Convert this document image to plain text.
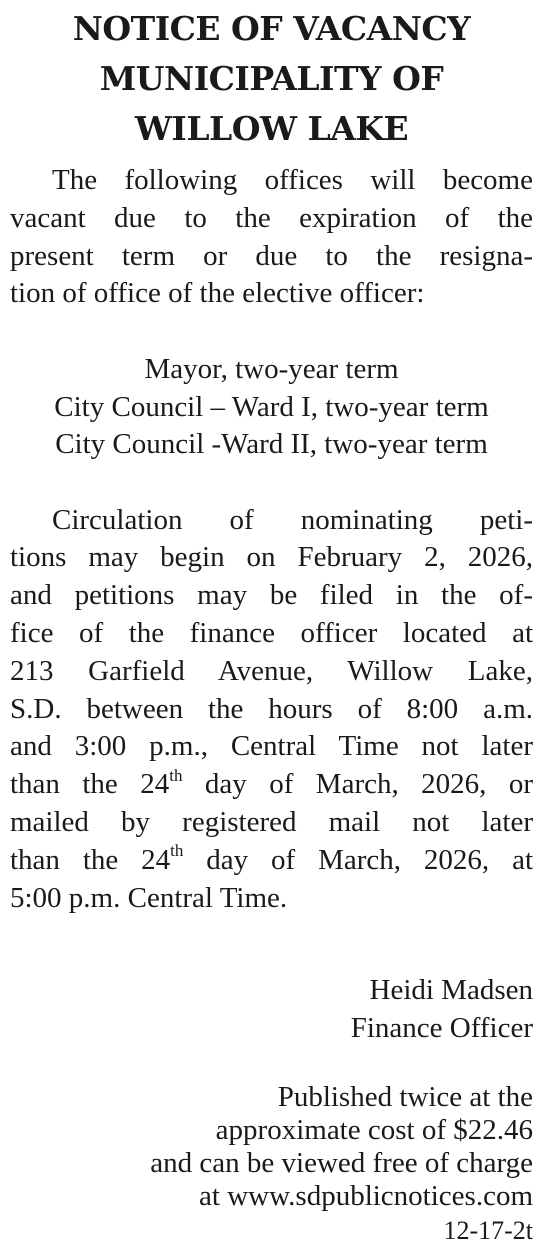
NOTICE OF VACANCY
MUNICIPALITY OF
WILLOW LAKE

The following offices will become
vacant due to the expiration of the
present term or due to the resigna-
tion of office of the elective officer:

Mayor, two-year term
City Council – Ward I, two-year term
City Council -Ward II, two-year term

Circulation of nominating peti-
tions may begin on February 2, 2026,
and petitions may be filed in the of-
fice of the finance officer located at
213 Garfield Avenue, Willow Lake,
S.D. between the hours of 8:00 a.m.
and 3:00 p.m., Central Time not later
than the 24th day of March, 2026, or
mailed by registered mail not later
than the 24th day of March, 2026, at
5:00 p.m. Central Time.

Heidi Madsen
Finance Officer
Published twice at the
approximate cost of $22.46
and can be viewed free of charge
at www.sdpublicnotices.com
12-17-2t
